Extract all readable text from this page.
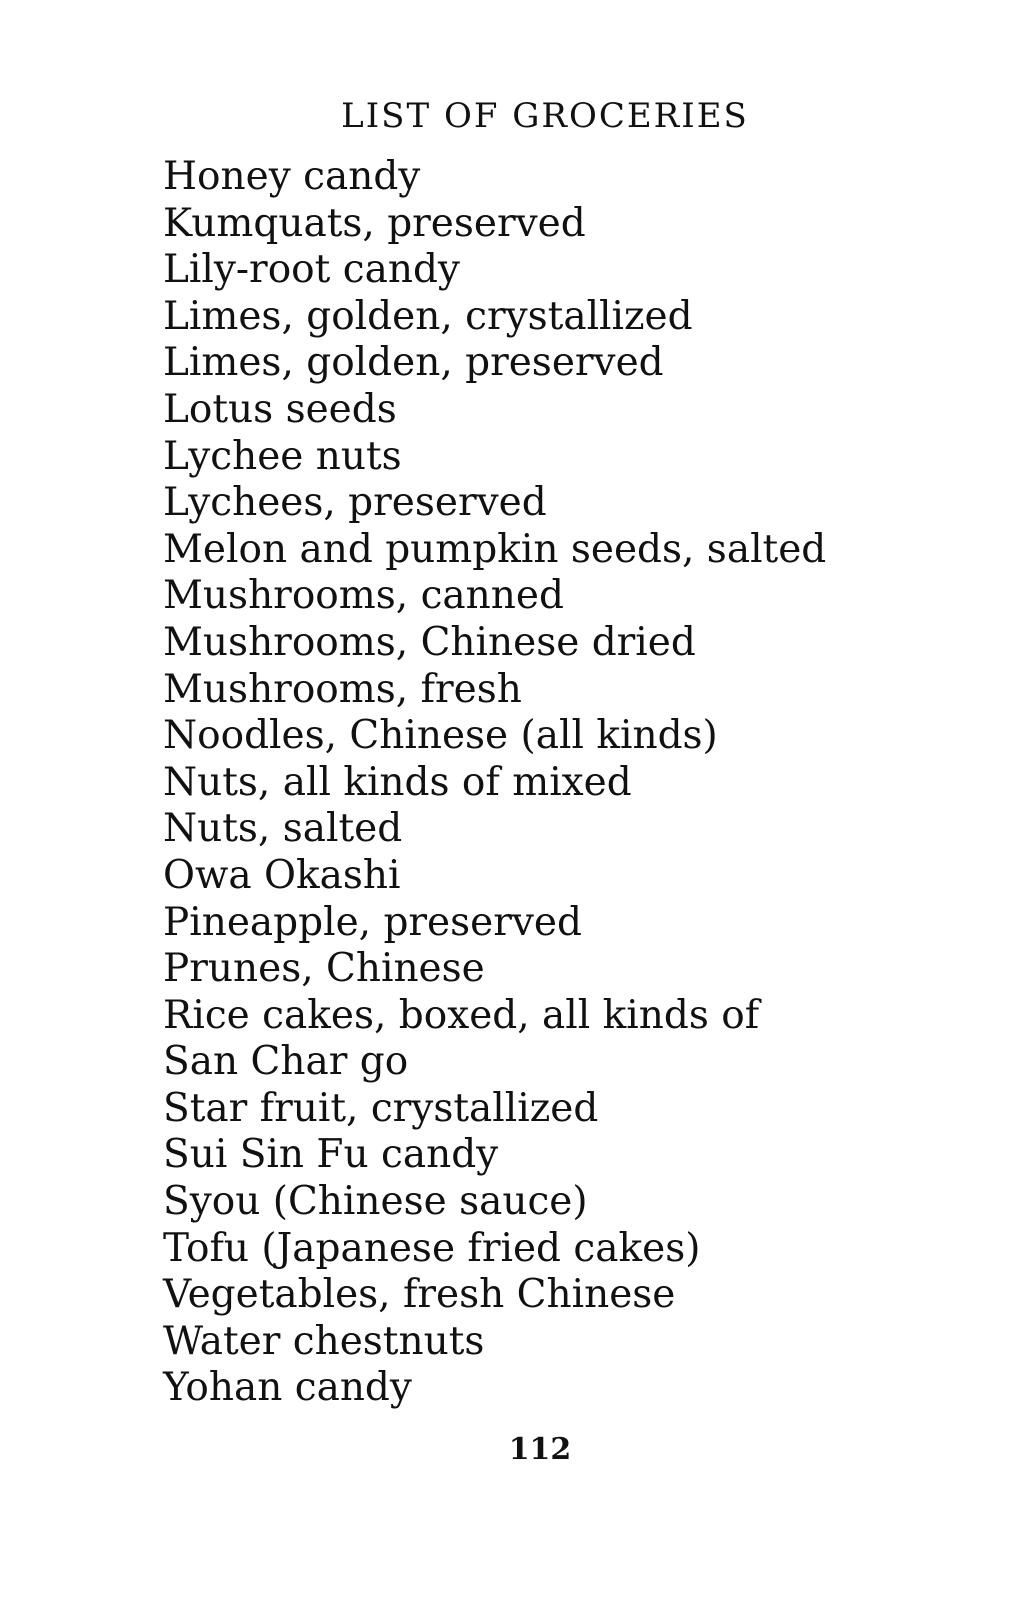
LIST OF GROCERIES
Honey candy
Kumquats, preserved
Lily-root candy
Limes, golden, crystallized
Limes, golden, preserved
Lotus seeds
Lychee nuts
Lychees, preserved
Melon and pumpkin seeds, salted
Mushrooms, canned
Mushrooms, Chinese dried
Mushrooms, fresh
Noodles, Chinese (all kinds)
Nuts, all kinds of mixed
Nuts, salted
Owa Okashi
Pineapple, preserved
Prunes, Chinese
Rice cakes, boxed, all kinds of
San Char go
Star fruit, crystallized
Sui Sin Fu candy
Syou (Chinese sauce)
Tofu (Japanese fried cakes)
Vegetables, fresh Chinese
Water chestnuts
Yohan candy

112
